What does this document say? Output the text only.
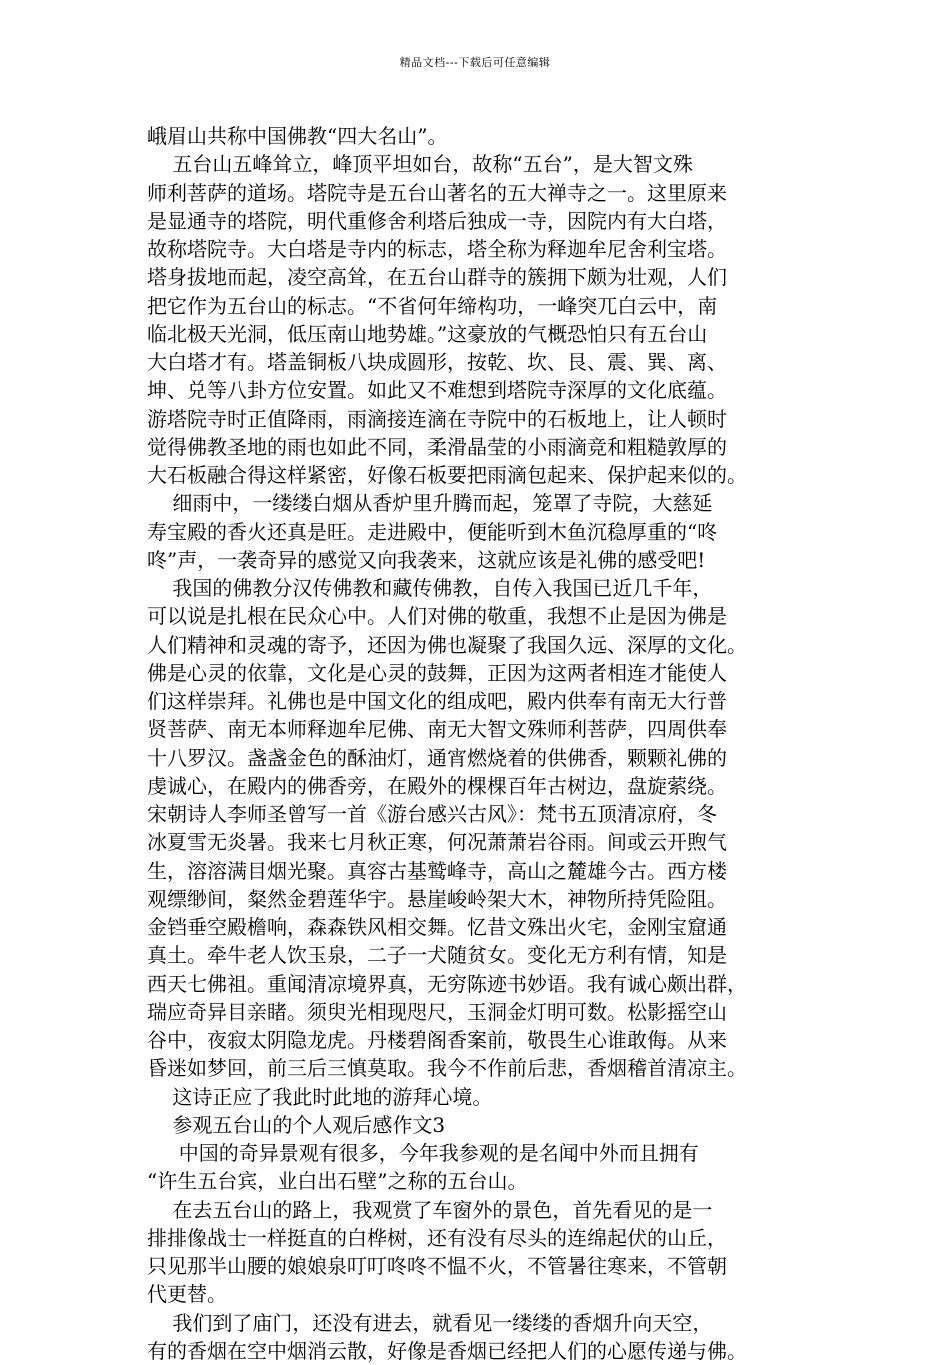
精品文档---下载后可任意编辑
峨眉山共称中国佛教“四大名山”。
五台山五峰耸立，峰顶平坦如台，故称“五台”，是大智文殊
师利菩萨的道场。塔院寺是五台山著名的五大禅寺之一。这里原来
是显通寺的塔院，明代重修舍利塔后独成一寺，因院内有大白塔，
故称塔院寺。大白塔是寺内的标志，塔全称为释迦牟尼舍利宝塔。
塔身拔地而起，凌空高耸，在五台山群寺的簇拥下颇为壮观，人们
把它作为五台山的标志。“不省何年缔构功，一峰突兀白云中，南
临北极天光洞，低压南山地势雄。”这豪放的气概恐怕只有五台山
大白塔才有。塔盖铜板八块成圆形，按乾、坎、艮、震、巽、离、
坤、兑等八卦方位安置。如此又不难想到塔院寺深厚的文化底蕴。
游塔院寺时正值降雨，雨滴接连滴在寺院中的石板地上，让人顿时
觉得佛教圣地的雨也如此不同，柔滑晶莹的小雨滴竞和粗糙敦厚的
大石板融合得这样紧密，好像石板要把雨滴包起来、保护起来似的。
细雨中，一缕缕白烟从香炉里升腾而起，笼罩了寺院，大慈延
寿宝殿的香火还真是旺。走进殿中，便能听到木鱼沉稳厚重的“咚
咚”声，一袭奇异的感觉又向我袭来，这就应该是礼佛的感受吧!
我国的佛教分汉传佛教和藏传佛教，自传入我国已近几千年，
可以说是扎根在民众心中。人们对佛的敬重，我想不止是因为佛是
人们精神和灵魂的寄予，还因为佛也凝聚了我国久远、深厚的文化。
佛是心灵的依靠，文化是心灵的鼓舞，正因为这两者相连才能使人
们这样崇拜。礼佛也是中国文化的组成吧，殿内供奉有南无大行普
贤菩萨、南无本师释迦牟尼佛、南无大智文殊师利菩萨，四周供奉
十八罗汉。盏盏金色的酥油灯，通宵燃烧着的供佛香，颗颗礼佛的
虔诚心，在殿内的佛香旁，在殿外的棵棵百年古树边，盘旋萦绕。
宋朝诗人李师圣曾写一首《游台感兴古风》：梵书五顶清凉府，冬
冰夏雪无炎暑。我来七月秋正寒，何况萧萧岩谷雨。间或云开煦气
生，溶溶满目烟光聚。真容古基鹫峰寺，高山之麓雄今古。西方楼
观缥缈间，粲然金碧莲华宇。悬崖峻岭架大木，神物所持凭险阻。
金铛垂空殿檐响，森森铁风相交舞。忆昔文殊出火宅，金刚宝窟通
真土。牵牛老人饮玉泉，二子一犬随贫女。变化无方利有情，知是
西天七佛祖。重闻清凉境界真，无穷陈迹书妙语。我有诚心颇出群，
瑞应奇异目亲睹。须臾光相现咫尺，玉洞金灯明可数。松影摇空山
谷中，夜寂太阴隐龙虎。丹楼碧阁香案前，敬畏生心谁敢侮。从来
昏迷如梦回，前三后三慎莫取。我今不作前后悲，香烟稽首清凉主。
这诗正应了我此时此地的游拜心境。
参观五台山的个人观后感作文3
中国的奇异景观有很多，今年我参观的是名闻中外而且拥有
“许生五台宾，业白出石壁”之称的五台山。
在去五台山的路上，我观赏了车窗外的景色，首先看见的是一
排排像战士一样挺直的白桦树，还有没有尽头的连绵起伏的山丘，
只见那半山腰的娘娘泉叮叮咚咚不愠不火，不管暑往寒来，不管朝
代更替。
我们到了庙门，还没有进去，就看见一缕缕的香烟升向天空，
有的香烟在空中烟消云散，好像是香烟已经把人们的心愿传递与佛。
